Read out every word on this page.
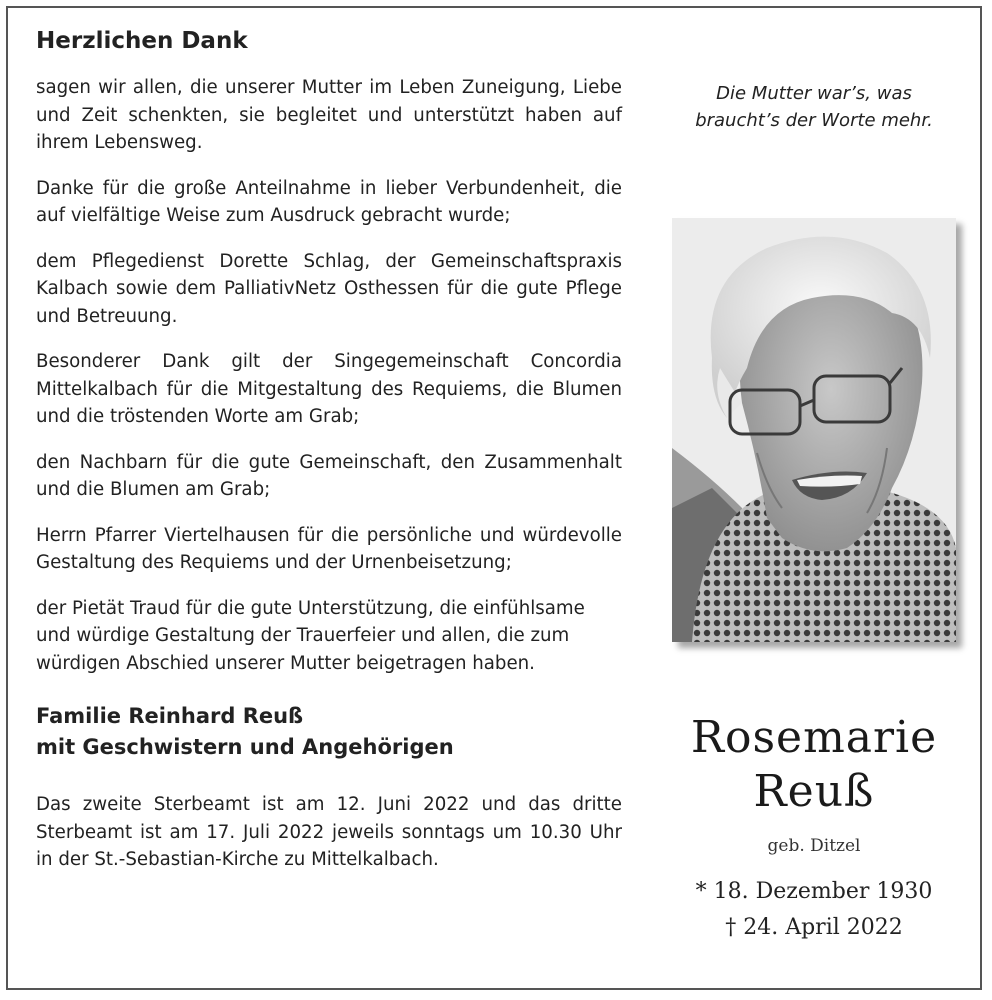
Herzlichen Dank

sagen wir allen, die unserer Mutter im Leben Zuneigung, Liebe und Zeit schenkten, sie begleitet und unterstützt haben auf ihrem Lebensweg.

Danke für die große Anteilnahme in lieber Verbundenheit, die auf vielfältige Weise zum Ausdruck gebracht wurde;

dem Pflegedienst Dorette Schlag, der Gemeinschaftspraxis Kalbach sowie dem PalliativNetz Osthessen für die gute Pflege und Betreuung.

Besonderer Dank gilt der Singegemeinschaft Concordia Mittelkalbach für die Mitgestaltung des Requiems, die Blumen und die tröstenden Worte am Grab;

den Nachbarn für die gute Gemeinschaft, den Zusammenhalt und die Blumen am Grab;

Herrn Pfarrer Viertelhausen für die persönliche und würdevolle Gestaltung des Requiems und der Urnenbeisetzung;

der Pietät Traud für die gute Unterstützung, die einfühlsame und würdige Gestaltung der Trauerfeier und allen, die zum würdigen Abschied unserer Mutter beigetragen haben.

Familie Reinhard Reuß
mit Geschwistern und Angehörigen

Das zweite Sterbeamt ist am 12. Juni 2022 und das dritte Sterbeamt ist am 17. Juli 2022 jeweils sonntags um 10.30 Uhr in der St.-Sebastian-Kirche zu Mittelkalbach.

Die Mutter war’s, was
braucht’s der Worte mehr.
Rosemarie
Reuß
geb. Ditzel
* 18. Dezember 1930
† 24. April 2022
